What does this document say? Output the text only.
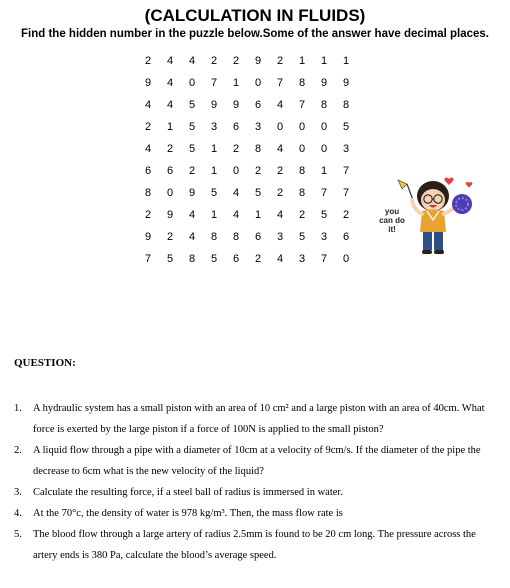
(CALCULATION IN FLUIDS)
Find the hidden number in the puzzle below.Some of the answer have decimal places.
2	4	4	2	2	9	2	1	1	1
9	4	0	7	1	0	7	8	9	9
4	4	5	9	9	6	4	7	8	8
2	1	5	3	6	3	0	0	0	5
4	2	5	1	2	8	4	0	0	3
6	6	2	1	0	2	2	8	1	7
8	0	9	5	4	5	2	8	7	7
2	9	4	1	4	1	4	2	5	2
9	2	4	8	8	6	3	5	3	6
7	5	8	5	6	2	4	3	7	0
you can do it!
QUESTION:
1. A hydraulic system has a small piston with an area of 10 cm² and a large piston with an area of 40cm. What force is exerted by the large piston if a force of 100N is applied to the small piston?
2. A liquid flow through a pipe with a diameter of 10cm at a velocity of 9cm/s. If the diameter of the pipe the decrease to 6cm what is the new velocity of the liquid?
3. Calculate the resulting force, if a steel ball of radius is immersed in water.
4. At the 70°c, the density of water is 978 kg/m³. Then, the mass flow rate is
5. The blood flow through a large artery of radius 2.5mm is found to be 20 cm long. The pressure across the artery ends is 380 Pa, calculate the blood’s average speed.
